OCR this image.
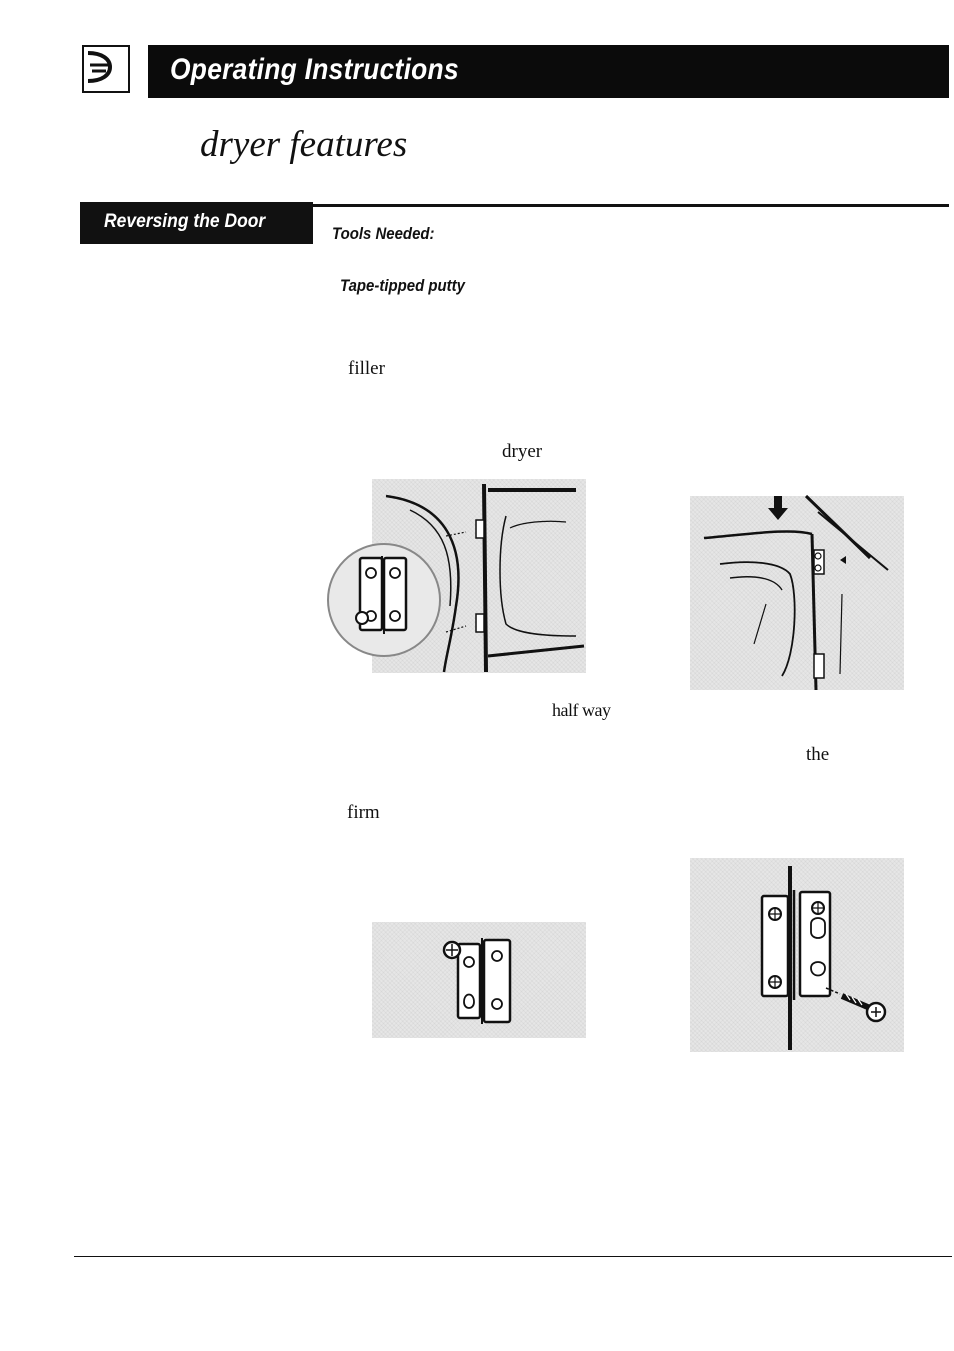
Operating Instructions
dryer features
Reversing the Door
Tools Needed:
Tape-tipped putty
filler
dryer
half way
the
firm
